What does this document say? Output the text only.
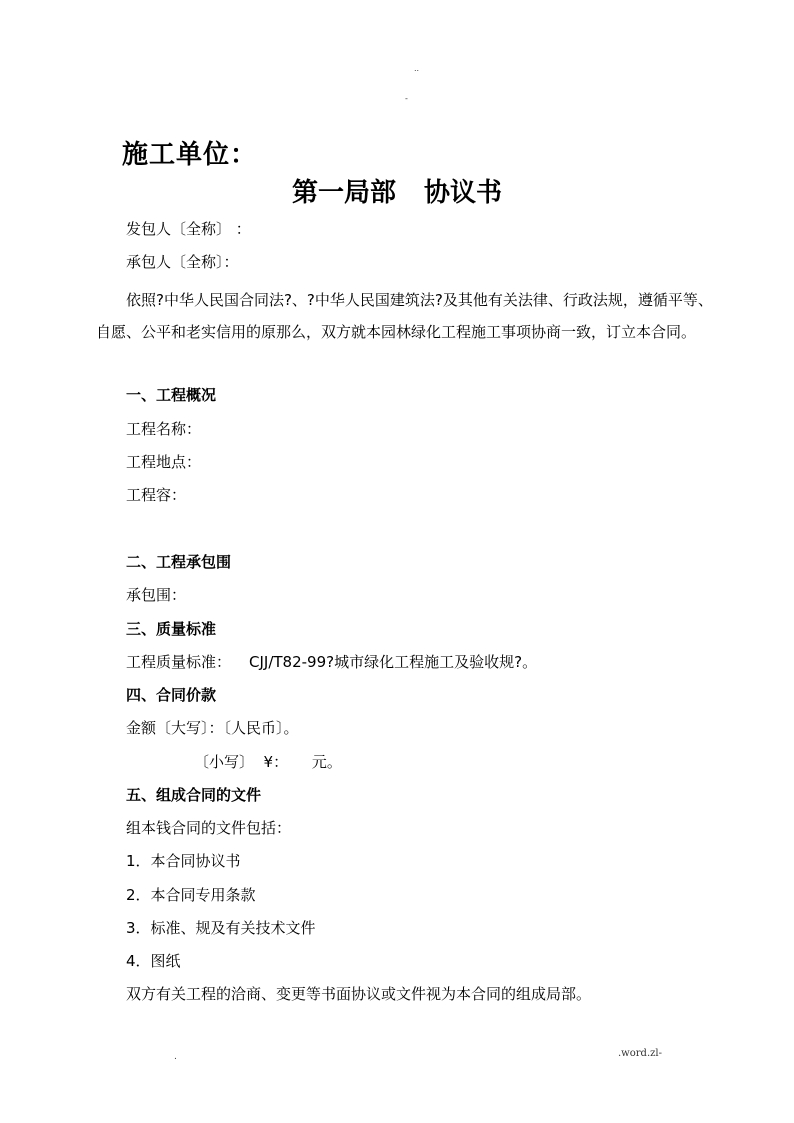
..
-
施工单位：
第一局部 协议书
发包人〔全称〕 ：
承包人〔全称〕：
依照?中华人民国合同法?、?中华人民国建筑法?及其他有关法律、行政法规，遵循平等、自愿、公平和老实信用的原那么，双方就本园林绿化工程施工事项协商一致，订立本合同。
一、工程概况
工程名称：
工程地点：
工程容：
二、工程承包围
承包围：
三、质量标准
工程质量标准： CJJ/T82-99?城市绿化工程施工及验收规?。
四、合同价款
金额〔大写〕：〔人民币〕。
〔小写〕  ¥：     元。
五、组成合同的文件
组本钱合同的文件包括：
1．本合同协议书
2．本合同专用条款
3．标准、规及有关技术文件
4．图纸
双方有关工程的洽商、变更等书面协议或文件视为本合同的组成局部。
.	.word.zl-
